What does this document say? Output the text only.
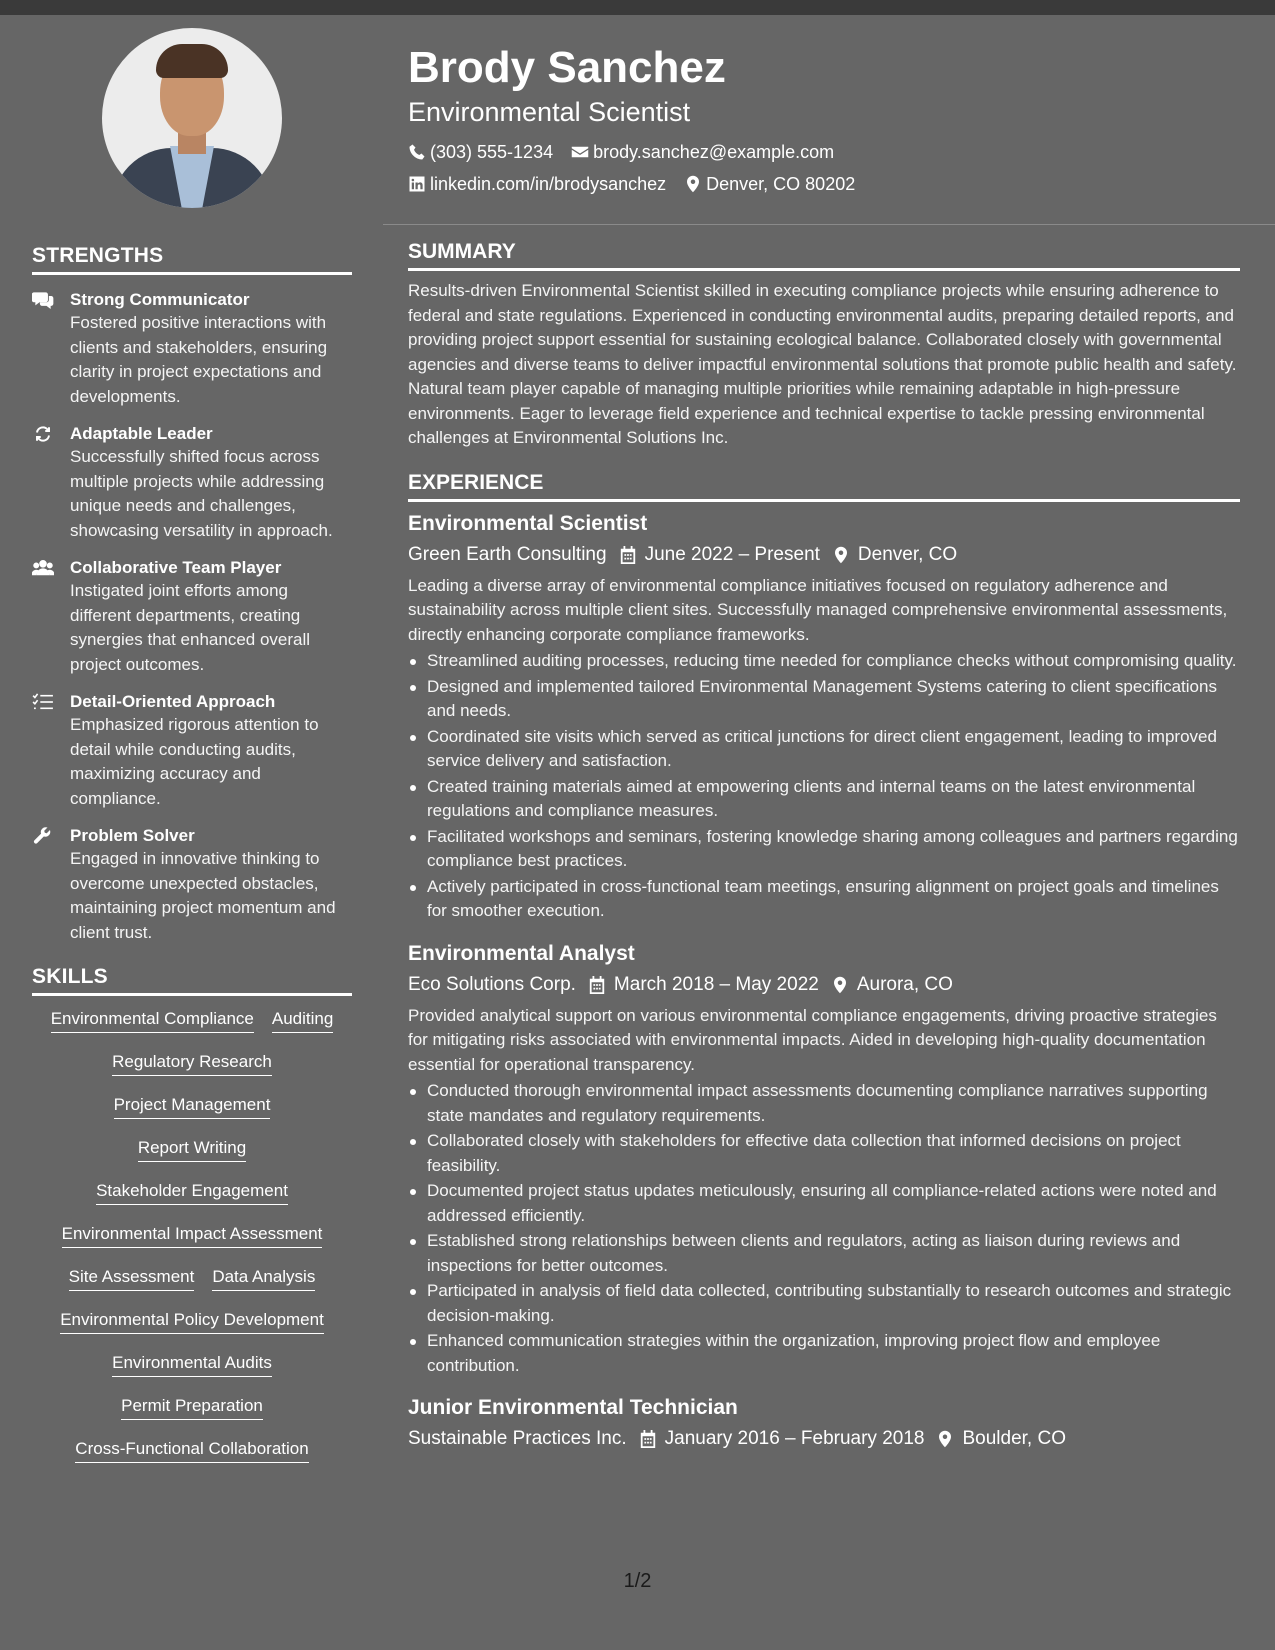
STRENGTHS
Strong Communicator
Fostered positive interactions with clients and stakeholders, ensuring clarity in project expectations and developments.
Adaptable Leader
Successfully shifted focus across multiple projects while addressing unique needs and challenges, showcasing versatility in approach.
Collaborative Team Player
Instigated joint efforts among different departments, creating synergies that enhanced overall project outcomes.
Detail-Oriented Approach
Emphasized rigorous attention to detail while conducting audits, maximizing accuracy and compliance.
Problem Solver
Engaged in innovative thinking to overcome unexpected obstacles, maintaining project momentum and client trust.
SKILLS
Environmental Compliance Auditing
Regulatory Research
Project Management
Report Writing
Stakeholder Engagement
Environmental Impact Assessment
Site Assessment Data Analysis
Environmental Policy Development
Environmental Audits
Permit Preparation
Cross-Functional Collaboration
Brody Sanchez
Environmental Scientist
(303) 555-1234 brody.sanchez@example.com
linkedin.com/in/brodysanchez Denver, CO 80202
SUMMARY
Results-driven Environmental Scientist skilled in executing compliance projects while ensuring adherence to federal and state regulations. Experienced in conducting environmental audits, preparing detailed reports, and providing project support essential for sustaining ecological balance. Collaborated closely with governmental agencies and diverse teams to deliver impactful environmental solutions that promote public health and safety. Natural team player capable of managing multiple priorities while remaining adaptable in high-pressure environments. Eager to leverage field experience and technical expertise to tackle pressing environmental challenges at Environmental Solutions Inc.
EXPERIENCE
Environmental Scientist
Green Earth Consulting June 2022 – Present Denver, CO
Leading a diverse array of environmental compliance initiatives focused on regulatory adherence and sustainability across multiple client sites. Successfully managed comprehensive environmental assessments, directly enhancing corporate compliance frameworks.
Streamlined auditing processes, reducing time needed for compliance checks without compromising quality.
Designed and implemented tailored Environmental Management Systems catering to client specifications and needs.
Coordinated site visits which served as critical junctions for direct client engagement, leading to improved service delivery and satisfaction.
Created training materials aimed at empowering clients and internal teams on the latest environmental regulations and compliance measures.
Facilitated workshops and seminars, fostering knowledge sharing among colleagues and partners regarding compliance best practices.
Actively participated in cross-functional team meetings, ensuring alignment on project goals and timelines for smoother execution.
Environmental Analyst
Eco Solutions Corp. March 2018 – May 2022 Aurora, CO
Provided analytical support on various environmental compliance engagements, driving proactive strategies for mitigating risks associated with environmental impacts. Aided in developing high-quality documentation essential for operational transparency.
Conducted thorough environmental impact assessments documenting compliance narratives supporting state mandates and regulatory requirements.
Collaborated closely with stakeholders for effective data collection that informed decisions on project feasibility.
Documented project status updates meticulously, ensuring all compliance-related actions were noted and addressed efficiently.
Established strong relationships between clients and regulators, acting as liaison during reviews and inspections for better outcomes.
Participated in analysis of field data collected, contributing substantially to research outcomes and strategic decision-making.
Enhanced communication strategies within the organization, improving project flow and employee contribution.
Junior Environmental Technician
Sustainable Practices Inc. January 2016 – February 2018 Boulder, CO
1/2
